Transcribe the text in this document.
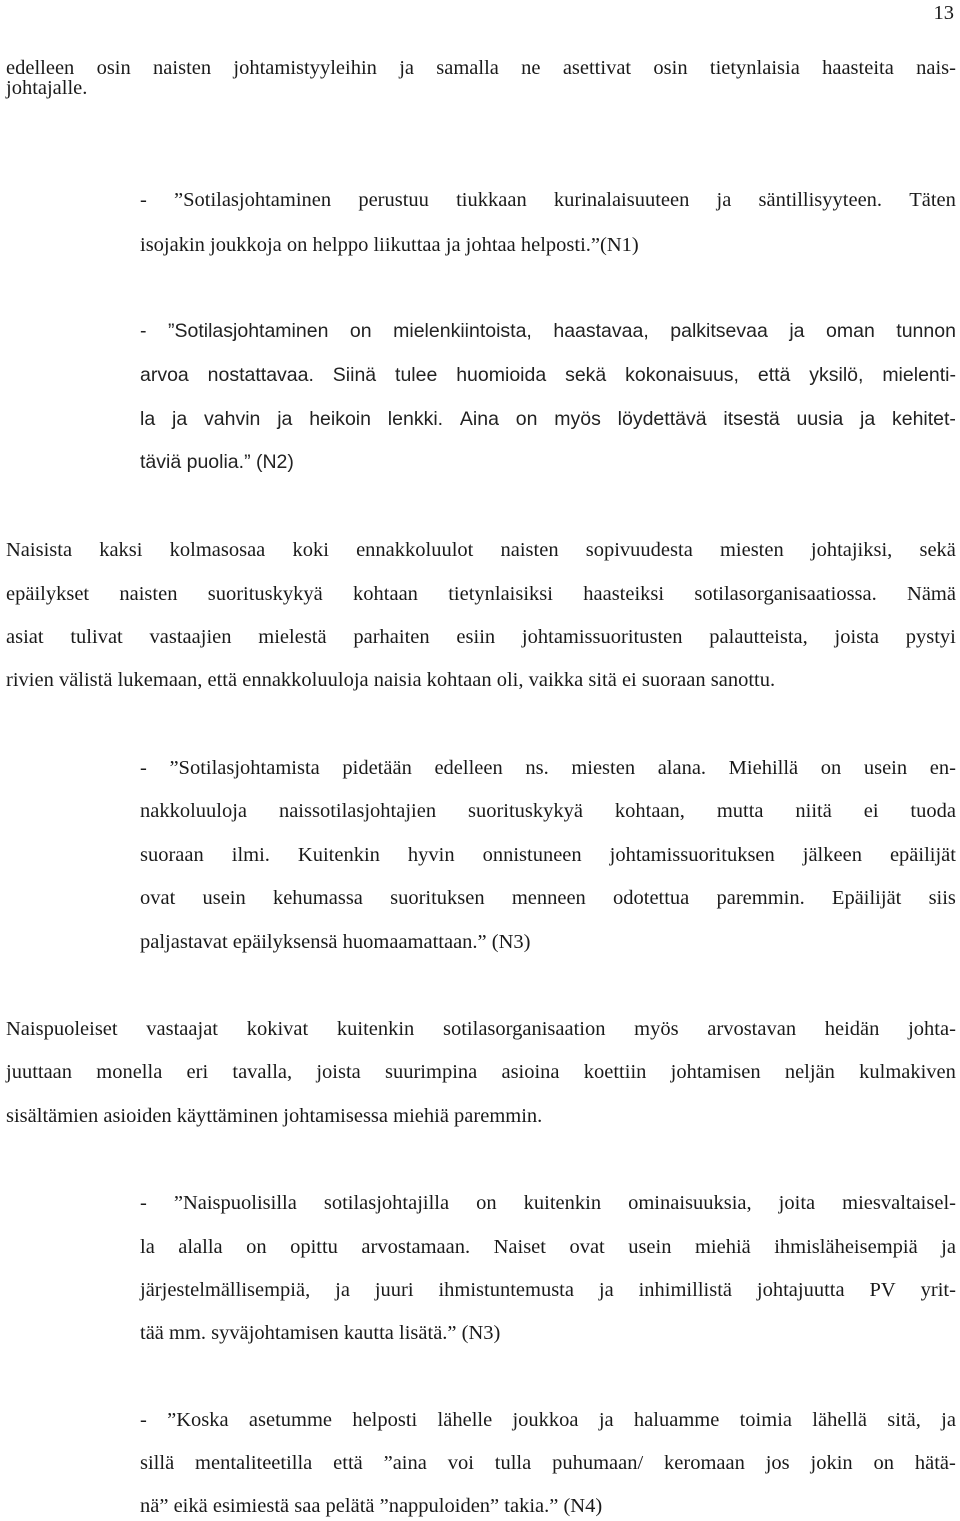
13
edelleen osin naisten johtamistyyleihin ja samalla ne asettivat osin tietynlaisia haasteita nais-
johtajalle.
- ”Sotilasjohtaminen perustuu tiukkaan kurinalaisuuteen ja säntillisyyteen. Täten
isojakin joukkoja on helppo liikuttaa ja johtaa helposti.”(N1)
- ”Sotilasjohtaminen on mielenkiintoista, haastavaa, palkitsevaa ja oman tunnon
arvoa nostattavaa. Siinä tulee huomioida sekä kokonaisuus, että yksilö, mielenti-
la ja vahvin ja heikoin lenkki. Aina on myös löydettävä itsestä uusia ja kehitet-
täviä puolia.” (N2)
Naisista kaksi kolmasosaa koki ennakkoluulot naisten sopivuudesta miesten johtajiksi, sekä
epäilykset naisten suorituskykyä kohtaan tietynlaisiksi haasteiksi sotilasorganisaatiossa. Nämä
asiat tulivat vastaajien mielestä parhaiten esiin johtamissuoritusten palautteista, joista pystyi
rivien välistä lukemaan, että ennakkoluuloja naisia kohtaan oli, vaikka sitä ei suoraan sanottu.
- ”Sotilasjohtamista pidetään edelleen ns. miesten alana. Miehillä on usein en-
nakkoluuloja naissotilasjohtajien suorituskykyä kohtaan, mutta niitä ei tuoda
suoraan ilmi. Kuitenkin hyvin onnistuneen johtamissuorituksen jälkeen epäilijät
ovat usein kehumassa suorituksen menneen odotettua paremmin. Epäilijät siis
paljastavat epäilyksensä huomaamattaan.” (N3)
Naispuoleiset vastaajat kokivat kuitenkin sotilasorganisaation myös arvostavan heidän johta-
juuttaan monella eri tavalla, joista suurimpina asioina koettiin johtamisen neljän kulmakiven
sisältämien asioiden käyttäminen johtamisessa miehiä paremmin.
- ”Naispuolisilla sotilasjohtajilla on kuitenkin ominaisuuksia, joita miesvaltaisel-
la alalla on opittu arvostamaan. Naiset ovat usein miehiä ihmisläheisempiä ja
järjestelmällisempiä, ja juuri ihmistuntemusta ja inhimillistä johtajuutta PV yrit-
tää mm. syväjohtamisen kautta lisätä.” (N3)
- ”Koska asetumme helposti lähelle joukkoa ja haluamme toimia lähellä sitä, ja
sillä mentaliteetilla että ”aina voi tulla puhumaan/ keromaan jos jokin on hätä-
nä” eikä esimiestä saa pelätä ”nappuloiden” takia.” (N4)
